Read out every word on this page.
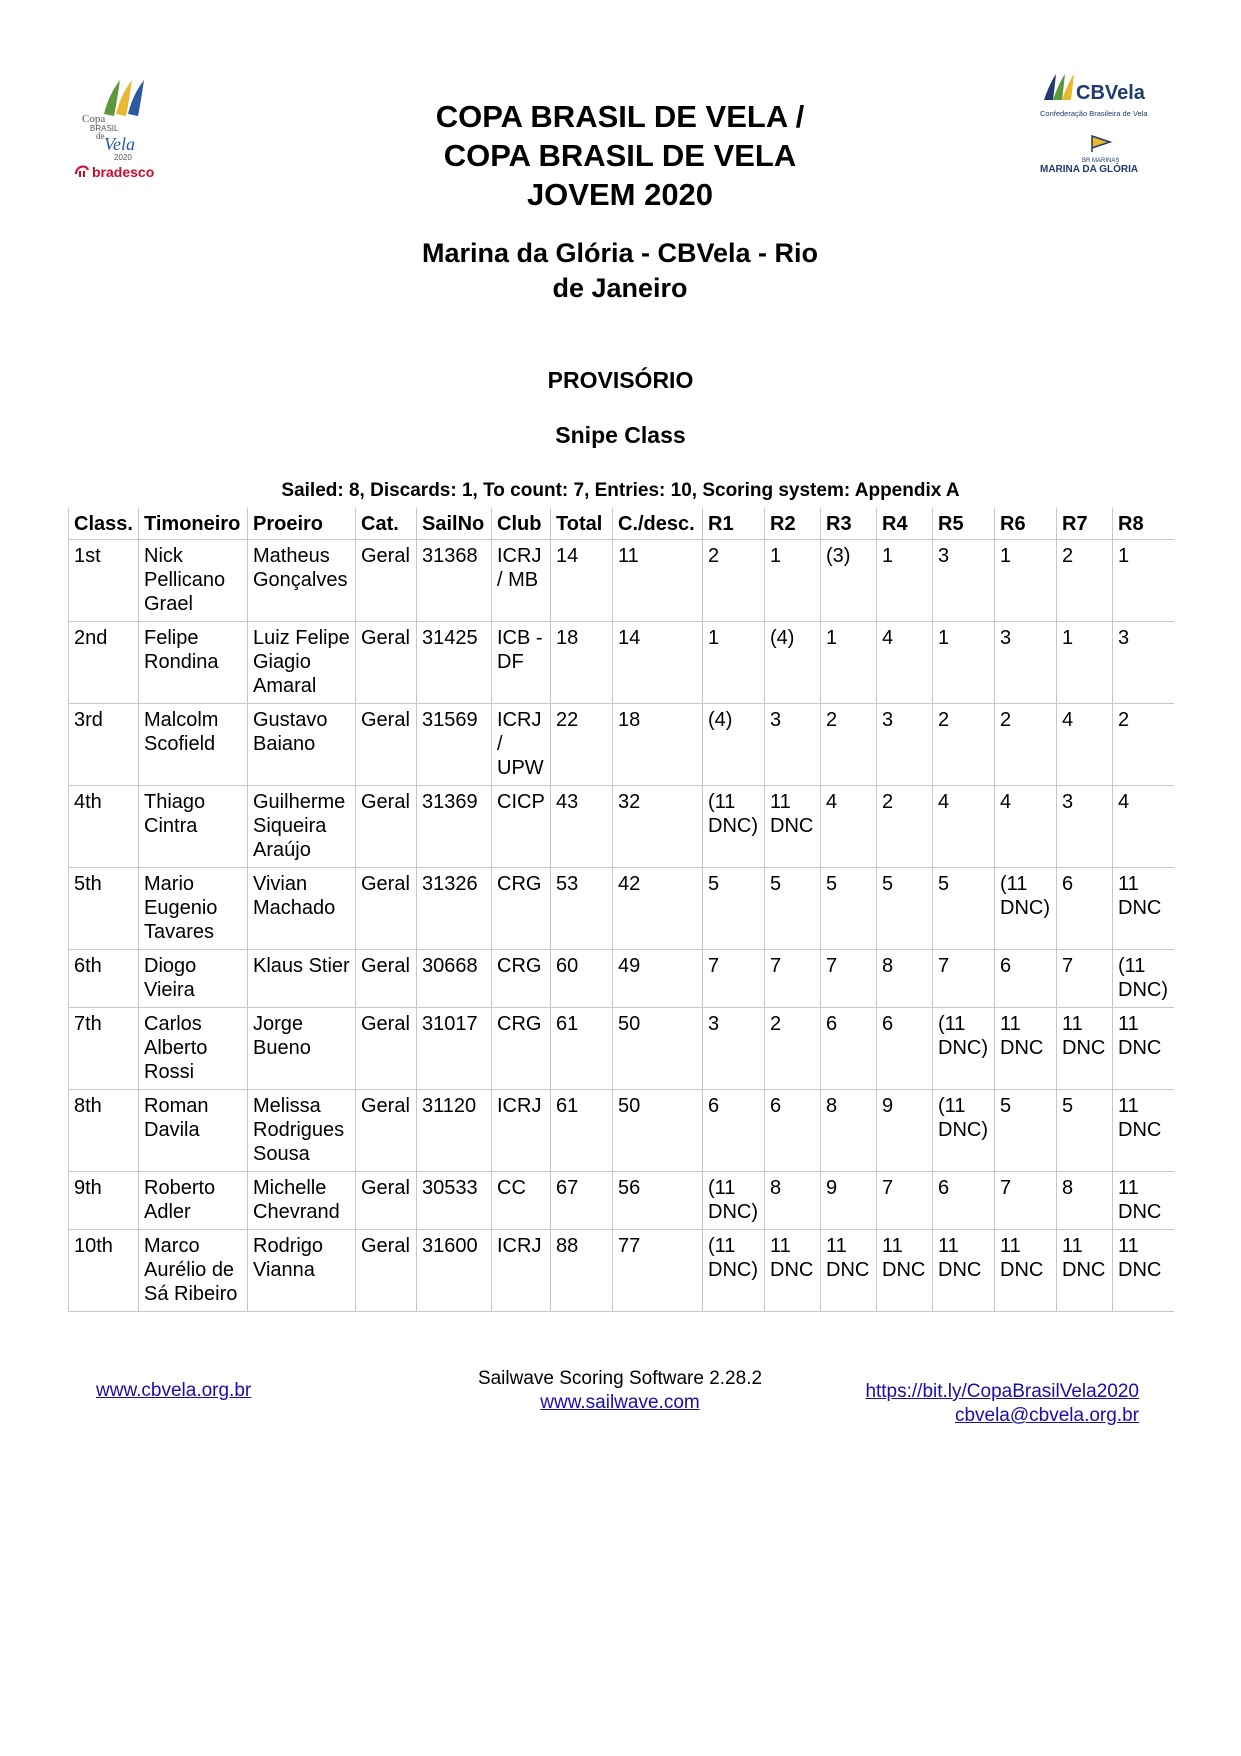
Copa
BRASIL
de Vela
2020
bradesco
CBVela
Confederação Brasileira de Vela
BR MARINAS
MARINA DA GLÓRIA
COPA BRASIL DE VELA /
COPA BRASIL DE VELA
JOVEM 2020
Marina da Glória - CBVela - Rio
de Janeiro
PROVISÓRIO
Snipe Class
Sailed: 8, Discards: 1, To count: 7, Entries: 10, Scoring system: Appendix A
Class.	Timoneiro	Proeiro	Cat.	SailNo	Club	Total	C./desc.	R1	R2	R3	R4	R5	R6	R7	R8
1st	Nick Pellicano Grael	Matheus Gonçalves	Geral	31368	ICRJ / MB	14	11	2	1	(3)	1	3	1	2	1
2nd	Felipe Rondina	Luiz Felipe Giagio Amaral	Geral	31425	ICB - DF	18	14	1	(4)	1	4	1	3	1	3
3rd	Malcolm Scofield	Gustavo Baiano	Geral	31569	ICRJ / UPW	22	18	(4)	3	2	3	2	2	4	2
4th	Thiago Cintra	Guilherme Siqueira Araújo	Geral	31369	CICP	43	32	(11 DNC)	11 DNC	4	2	4	4	3	4
5th	Mario Eugenio Tavares	Vivian Machado	Geral	31326	CRG	53	42	5	5	5	5	5	(11 DNC)	6	11 DNC
6th	Diogo Vieira	Klaus Stier	Geral	30668	CRG	60	49	7	7	7	8	7	6	7	(11 DNC)
7th	Carlos Alberto Rossi	Jorge Bueno	Geral	31017	CRG	61	50	3	2	6	6	(11 DNC)	11 DNC	11 DNC	11 DNC
8th	Roman Davila	Melissa Rodrigues Sousa	Geral	31120	ICRJ	61	50	6	6	8	9	(11 DNC)	5	5	11 DNC
9th	Roberto Adler	Michelle Chevrand	Geral	30533	CC	67	56	(11 DNC)	8	9	7	6	7	8	11 DNC
10th	Marco Aurélio de Sá Ribeiro	Rodrigo Vianna	Geral	31600	ICRJ	88	77	(11 DNC)	11 DNC	11 DNC	11 DNC	11 DNC	11 DNC	11 DNC	11 DNC
Sailwave Scoring Software 2.28.2
www.sailwave.com
www.cbvela.org.br	https://bit.ly/CopaBrasilVela2020
cbvela@cbvela.org.br
